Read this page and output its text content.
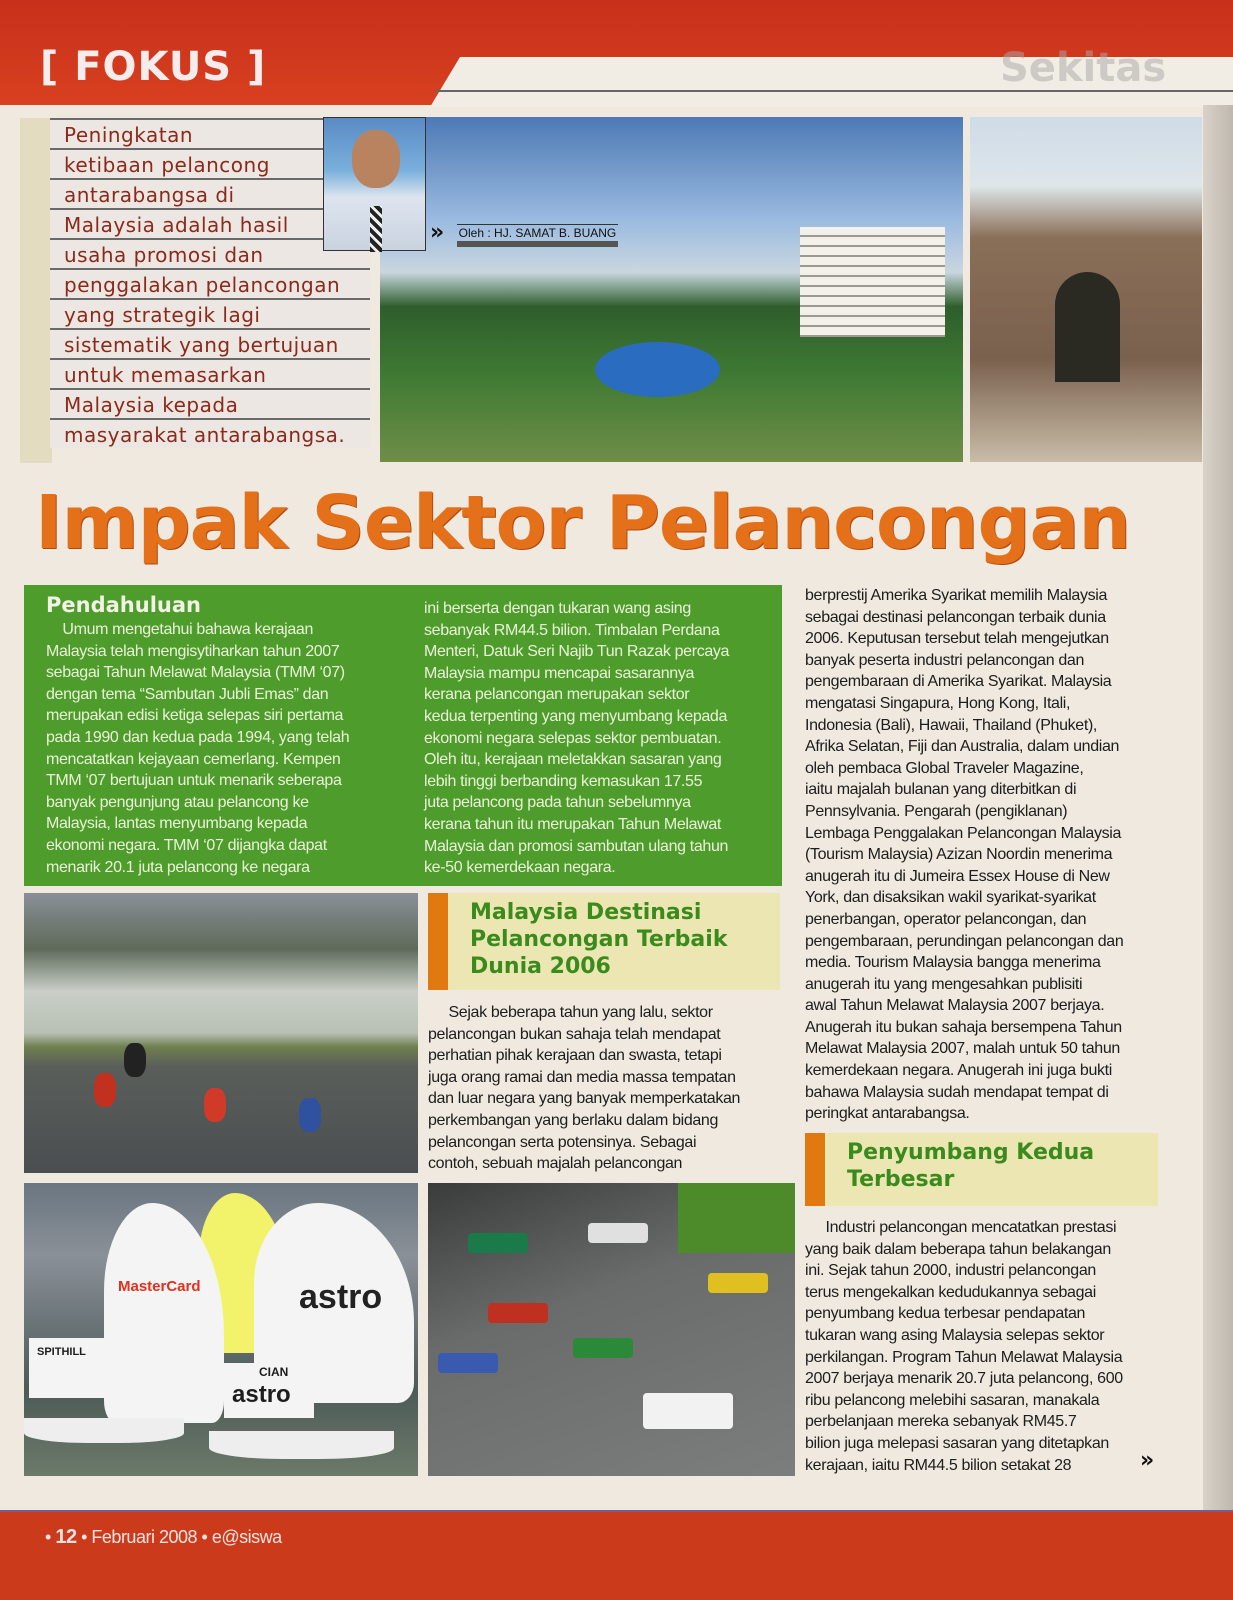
Sekitas
[ FOKUS ]
Peningkatan
ketibaan pelancong
antarabangsa di
Malaysia adalah hasil
usaha promosi dan
penggalakan pelancongan
yang strategik lagi
sistematik yang bertujuan
untuk memasarkan
Malaysia kepada
masyarakat antarabangsa.
» Oleh : HJ. SAMAT B. BUANG
Impak Sektor Pelancongan
Pendahuluan
Umum mengetahui bahawa kerajaan
Malaysia telah mengisytiharkan tahun 2007
sebagai Tahun Melawat Malaysia (TMM ‘07)
dengan tema “Sambutan Jubli Emas” dan
merupakan edisi ketiga selepas siri pertama
pada 1990 dan kedua pada 1994, yang telah
mencatatkan kejayaan cemerlang. Kempen
TMM ‘07 bertujuan untuk menarik seberapa
banyak pengunjung atau pelancong ke
Malaysia, lantas menyumbang kepada
ekonomi negara. TMM ‘07 dijangka dapat
menarik 20.1 juta pelancong ke negara
ini berserta dengan tukaran wang asing
sebanyak RM44.5 bilion. Timbalan Perdana
Menteri, Datuk Seri Najib Tun Razak percaya
Malaysia mampu mencapai sasarannya
kerana pelancongan merupakan sektor
kedua terpenting yang menyumbang kepada
ekonomi negara selepas sektor pembuatan.
Oleh itu, kerajaan meletakkan sasaran yang
lebih tinggi berbanding kemasukan 17.55
juta pelancong pada tahun sebelumnya
kerana tahun itu merupakan Tahun Melawat
Malaysia dan promosi sambutan ulang tahun
ke-50 kemerdekaan negara.
berprestij Amerika Syarikat memilih Malaysia
sebagai destinasi pelancongan terbaik dunia
2006. Keputusan tersebut telah mengejutkan
banyak peserta industri pelancongan dan
pengembaraan di Amerika Syarikat. Malaysia
mengatasi Singapura, Hong Kong, Itali,
Indonesia (Bali), Hawaii, Thailand (Phuket),
Afrika Selatan, Fiji dan Australia, dalam undian
oleh pembaca Global Traveler Magazine,
iaitu majalah bulanan yang diterbitkan di
Pennsylvania. Pengarah (pengiklanan)
Lembaga Penggalakan Pelancongan Malaysia
(Tourism Malaysia) Azizan Noordin menerima
anugerah itu di Jumeira Essex House di New
York, dan disaksikan wakil syarikat-syarikat
penerbangan, operator pelancongan, dan
pengembaraan, perundingan pelancongan dan
media. Tourism Malaysia bangga menerima
anugerah itu yang mengesahkan publisiti
awal Tahun Melawat Malaysia 2007 berjaya.
Anugerah itu bukan sahaja bersempena Tahun
Melawat Malaysia 2007, malah untuk 50 tahun
kemerdekaan negara. Anugerah ini juga bukti
bahawa Malaysia sudah mendapat tempat di
peringkat antarabangsa.
Malaysia Destinasi
Pelancongan Terbaik
Dunia 2006
Sejak beberapa tahun yang lalu, sektor
pelancongan bukan sahaja telah mendapat
perhatian pihak kerajaan dan swasta, tetapi
juga orang ramai dan media massa tempatan
dan luar negara yang banyak memperkatakan
perkembangan yang berlaku dalam bidang
pelancongan serta potensinya. Sebagai
contoh, sebuah majalah pelancongan
MasterCard	astro
SPITHILL
CIAN
astro
Penyumbang Kedua
Terbesar
Industri pelancongan mencatatkan prestasi
yang baik dalam beberapa tahun belakangan
ini. Sejak tahun 2000, industri pelancongan
terus mengekalkan kedudukannya sebagai
penyumbang kedua terbesar pendapatan
tukaran wang asing Malaysia selepas sektor
perkilangan. Program Tahun Melawat Malaysia
2007 berjaya menarik 20.7 juta pelancong, 600
ribu pelancong melebihi sasaran, manakala
perbelanjaan mereka sebanyak RM45.7
bilion juga melepasi sasaran yang ditetapkan
kerajaan, iaitu RM44.5 bilion setakat 28	»
• 12 • Februari 2008 • e@siswa
